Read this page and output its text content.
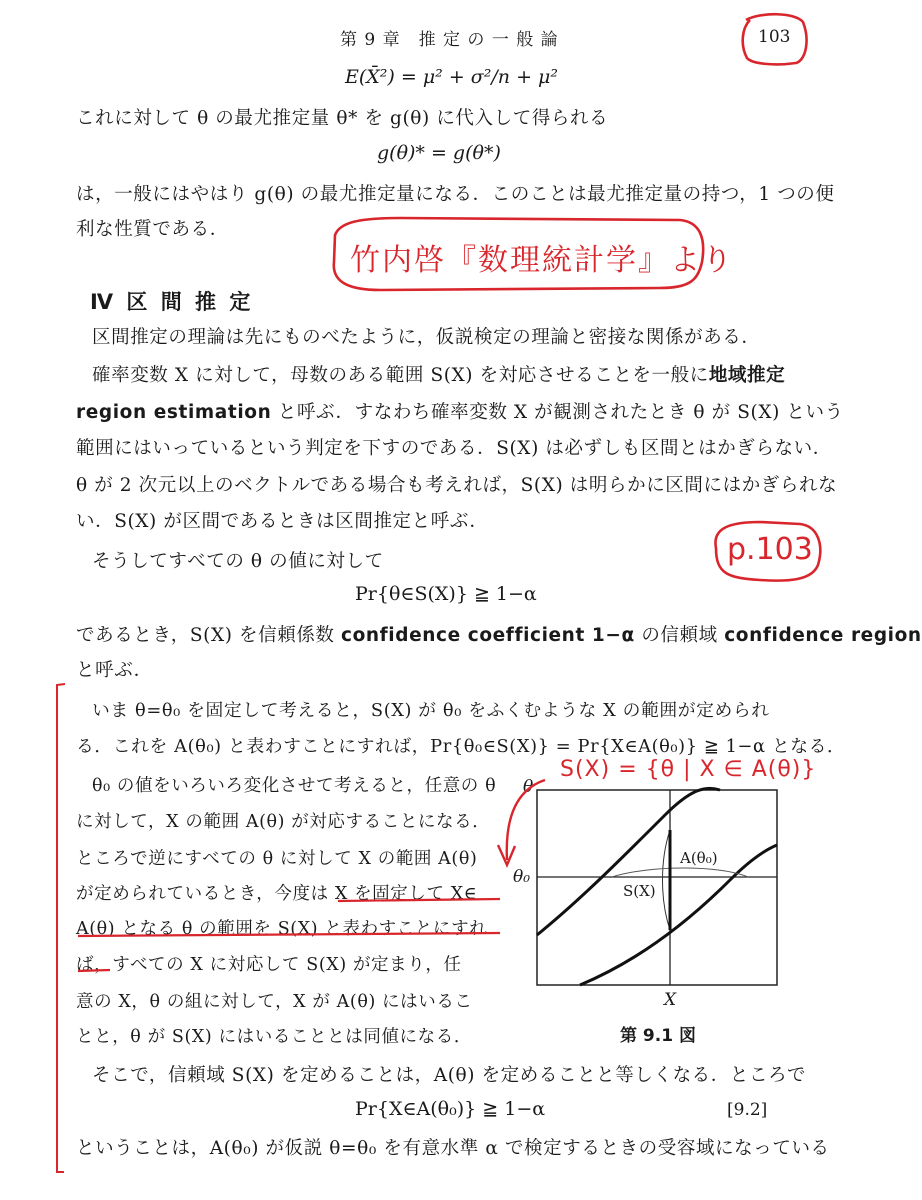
第 9 章　推 定 の 一 般 論	103
E(X̄²) = μ² + σ²/n + μ²
これに対して θ の最尤推定量 θ* を g(θ) に代入して得られる
g(θ)* = g(θ*)
は，一般にはやはり g(θ) の最尤推定量になる．このことは最尤推定量の持つ，1 つの便
利な性質である．
Ⅳ 区 間 推 定
区間推定の理論は先にものべたように，仮説検定の理論と密接な関係がある．
確率変数 X に対して，母数のある範囲 S(X) を対応させることを一般に地域推定
region estimation と呼ぶ．すなわち確率変数 X が観測されたとき θ が S(X) という
範囲にはいっているという判定を下すのである．S(X) は必ずしも区間とはかぎらない．
θ が 2 次元以上のベクトルである場合も考えれば，S(X) は明らかに区間にはかぎられな
い．S(X) が区間であるときは区間推定と呼ぶ．
そうしてすべての θ の値に対して
Pr{θ∈S(X)} ≧ 1−α
であるとき，S(X) を信頼係数 confidence coefficient 1−α の信頼域 confidence region
と呼ぶ．
いま θ=θ₀ を固定して考えると，S(X) が θ₀ をふくむような X の範囲が定められ
る．これを A(θ₀) と表わすことにすれば，Pr{θ₀∈S(X)} = Pr{X∈A(θ₀)} ≧ 1−α となる．
θ₀ の値をいろいろ変化させて考えると，任意の θ
に対して，X の範囲 A(θ) が対応することになる．
ところで逆にすべての θ に対して X の範囲 A(θ)
が定められているとき，今度は X を固定して X∈
A(θ) となる θ の範囲を S(X) と表わすことにすれ
ば，すべての X に対応して S(X) が定まり，任
意の X，θ の組に対して，X が A(θ) にはいるこ
とと，θ が S(X) にはいることとは同値になる．
そこで，信頼域 S(X) を定めることは，A(θ) を定めることと等しくなる．ところで
Pr{X∈A(θ₀)} ≧ 1−α	[9.2]
ということは，A(θ₀) が仮説 θ=θ₀ を有意水準 α で検定するときの受容域になっている
θ
θ₀
X
A(θ₀)
S(X)
第 9.1 図
竹内啓『数理統計学』より
p.103
S(X) = {θ | X ∈ A(θ)}
